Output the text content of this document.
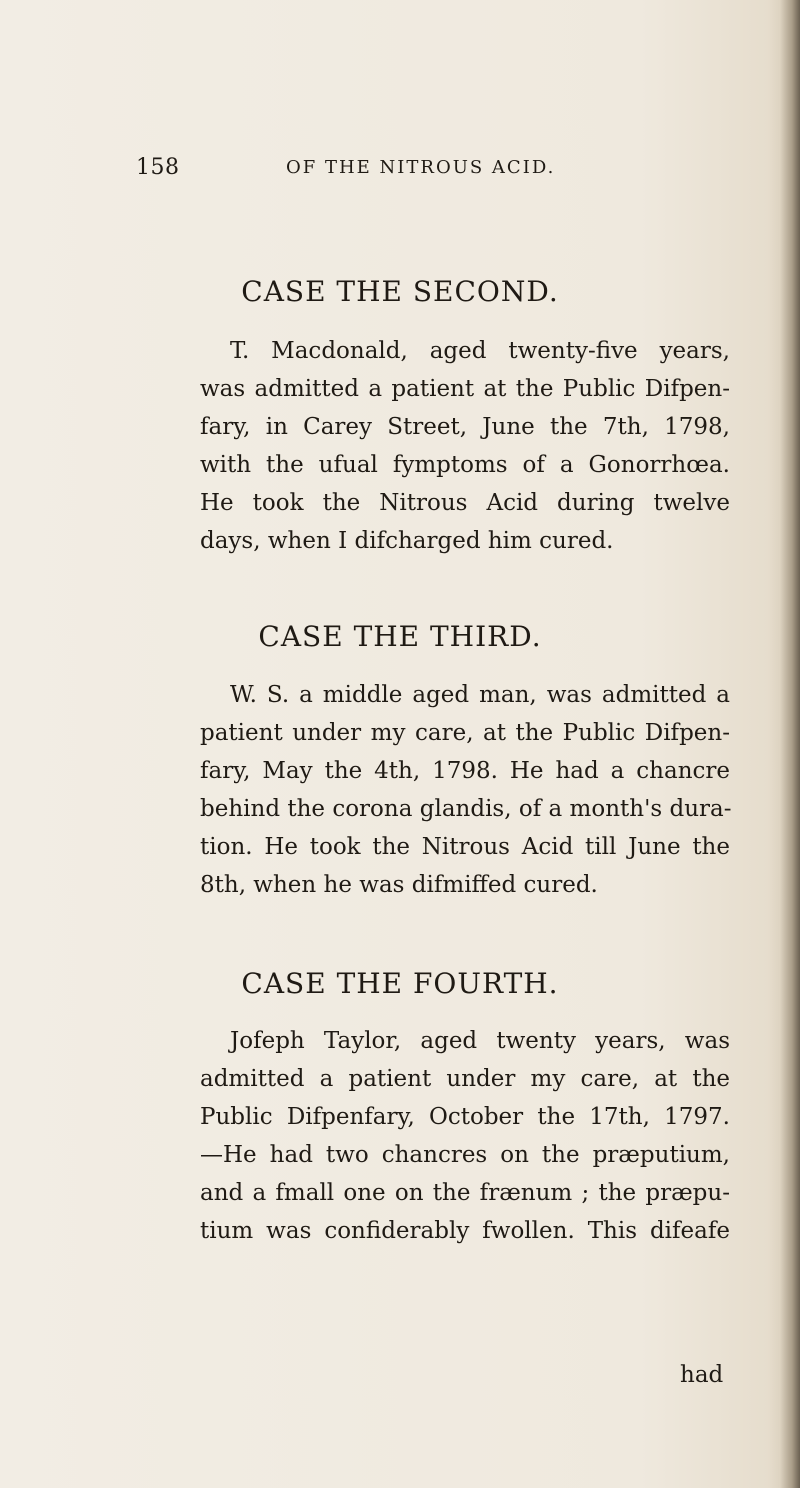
158	OF THE NITROUS ACID.
CASE THE SECOND.
T. Macdonald, aged twenty-five years,
was admitted a patient at the Public Difpen-
fary, in Carey Street, June the 7th, 1798,
with the ufual fymptoms of a Gonorrhœa.
He took the Nitrous Acid during twelve
days, when I difcharged him cured.
CASE THE THIRD.
W. S. a middle aged man, was admitted a
patient under my care, at the Public Difpen-
fary, May the 4th, 1798. He had a chancre
behind the corona glandis, of a month's dura-
tion. He took the Nitrous Acid till June the
8th, when he was difmiffed cured.
CASE THE FOURTH.
Jofeph Taylor, aged twenty years, was
admitted a patient under my care, at the
Public Difpenfary, October the 17th, 1797.
—He had two chancres on the præputium,
and a fmall one on the frænum ; the præpu-
tium was confiderably fwollen. This difeafe
had
